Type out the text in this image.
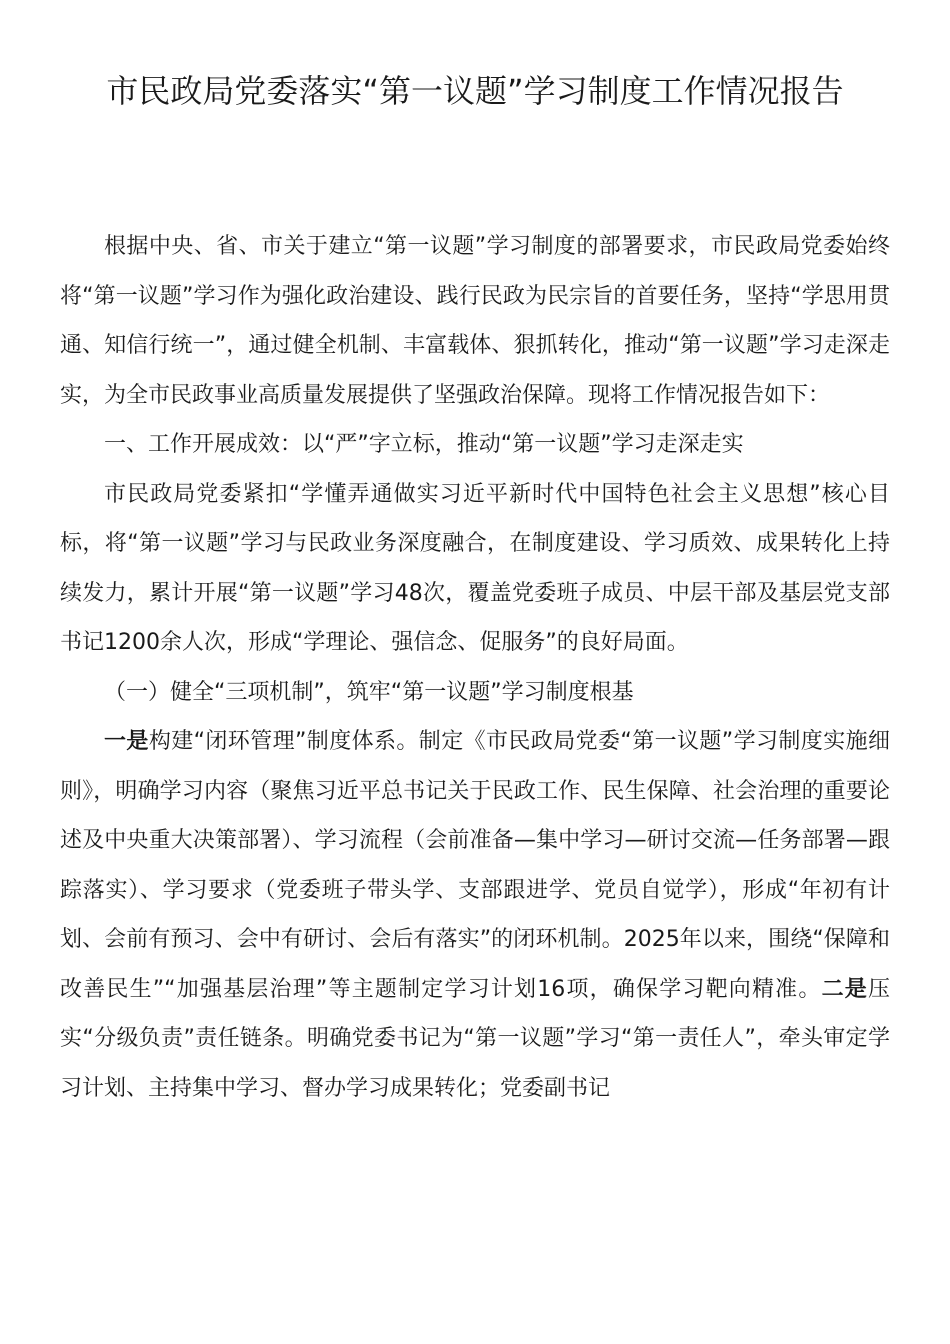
市民政局党委落实“第一议题”学习制度工作情况报告

根据中央、省、市关于建立“第一议题”学习制度的部署要求，市民政局党委始终将“第一议题”学习作为强化政治建设、践行民政为民宗旨的首要任务，坚持“学思用贯通、知信行统一”，通过健全机制、丰富载体、狠抓转化，推动“第一议题”学习走深走实，为全市民政事业高质量发展提供了坚强政治保障。现将工作情况报告如下：

一、工作开展成效：以“严”字立标，推动“第一议题”学习走深走实

市民政局党委紧扣“学懂弄通做实习近平新时代中国特色社会主义思想”核心目标，将“第一议题”学习与民政业务深度融合，在制度建设、学习质效、成果转化上持续发力，累计开展“第一议题”学习48次，覆盖党委班子成员、中层干部及基层党支部书记1200余人次，形成“学理论、强信念、促服务”的良好局面。

（一）健全“三项机制”，筑牢“第一议题”学习制度根基

一是构建“闭环管理”制度体系。制定《市民政局党委“第一议题”学习制度实施细则》，明确学习内容（聚焦习近平总书记关于民政工作、民生保障、社会治理的重要论述及中央重大决策部署）、学习流程（会前准备—集中学习—研讨交流—任务部署—跟踪落实）、学习要求（党委班子带头学、支部跟进学、党员自觉学），形成“年初有计划、会前有预习、会中有研讨、会后有落实”的闭环机制。2025年以来，围绕“保障和改善民生”“加强基层治理”等主题制定学习计划16项，确保学习靶向精准。二是压实“分级负责”责任链条。明确党委书记为“第一议题”学习“第一责任人”，牵头审定学习计划、主持集中学习、督办学习成果转化；党委副书记
